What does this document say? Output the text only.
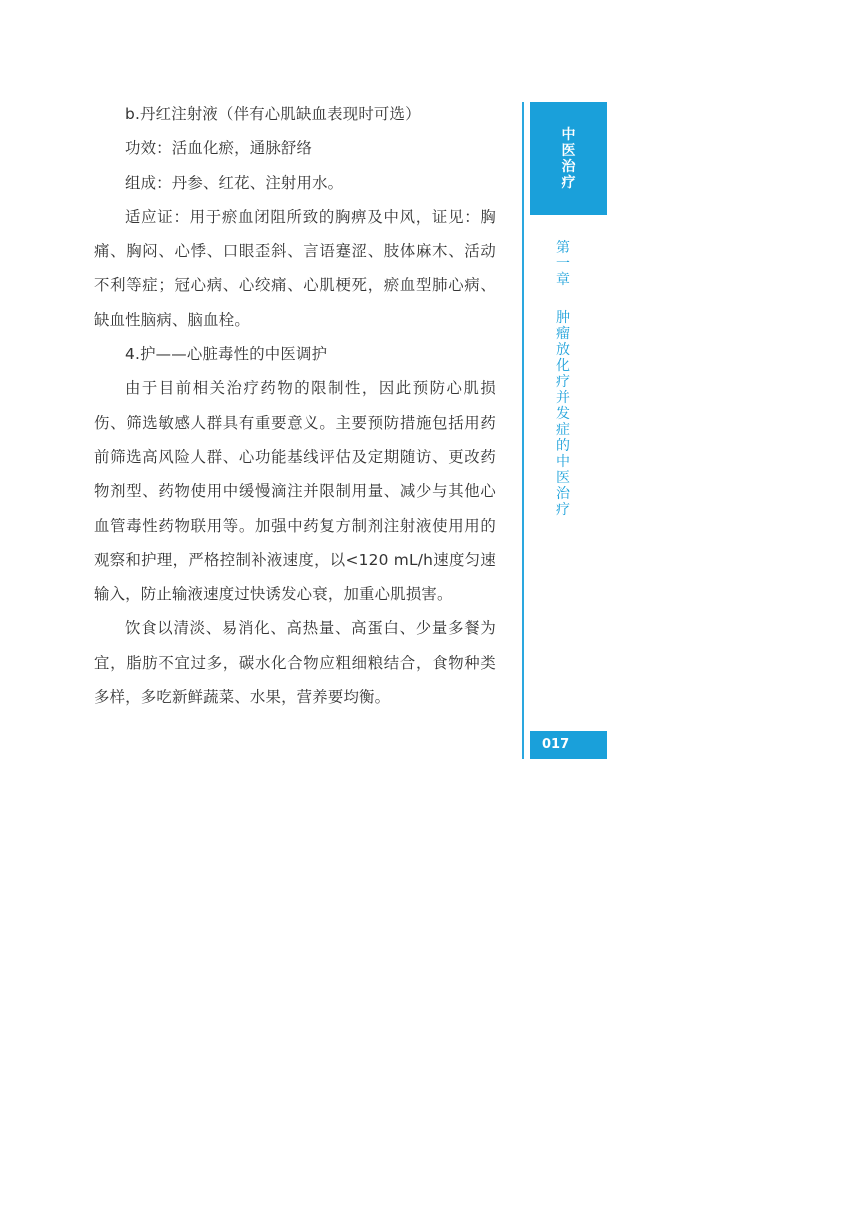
b.丹红注射液（伴有心肌缺血表现时可选）

功效：活血化瘀，通脉舒络

组成：丹参、红花、注射用水。

适应证：用于瘀血闭阻所致的胸痹及中风，证见：胸痛、胸闷、心悸、口眼歪斜、言语蹇涩、肢体麻木、活动不利等症；冠心病、心绞痛、心肌梗死，瘀血型肺心病、缺血性脑病、脑血栓。

4.护——心脏毒性的中医调护

由于目前相关治疗药物的限制性，因此预防心肌损伤、筛选敏感人群具有重要意义。主要预防措施包括用药前筛选高风险人群、心功能基线评估及定期随访、更改药物剂型、药物使用中缓慢滴注并限制用量、减少与其他心血管毒性药物联用等。加强中药复方制剂注射液使用用的观察和护理，严格控制补液速度，以<120 mL/h速度匀速输入，防止输液速度过快诱发心衰，加重心肌损害。

饮食以清淡、易消化、高热量、高蛋白、少量多餐为宜，脂肪不宜过多，碳水化合物应粗细粮结合，食物种类多样，多吃新鲜蔬菜、水果，营养要均衡。

中医治疗
第一章
肿瘤放化疗并发症的中医治疗
017
